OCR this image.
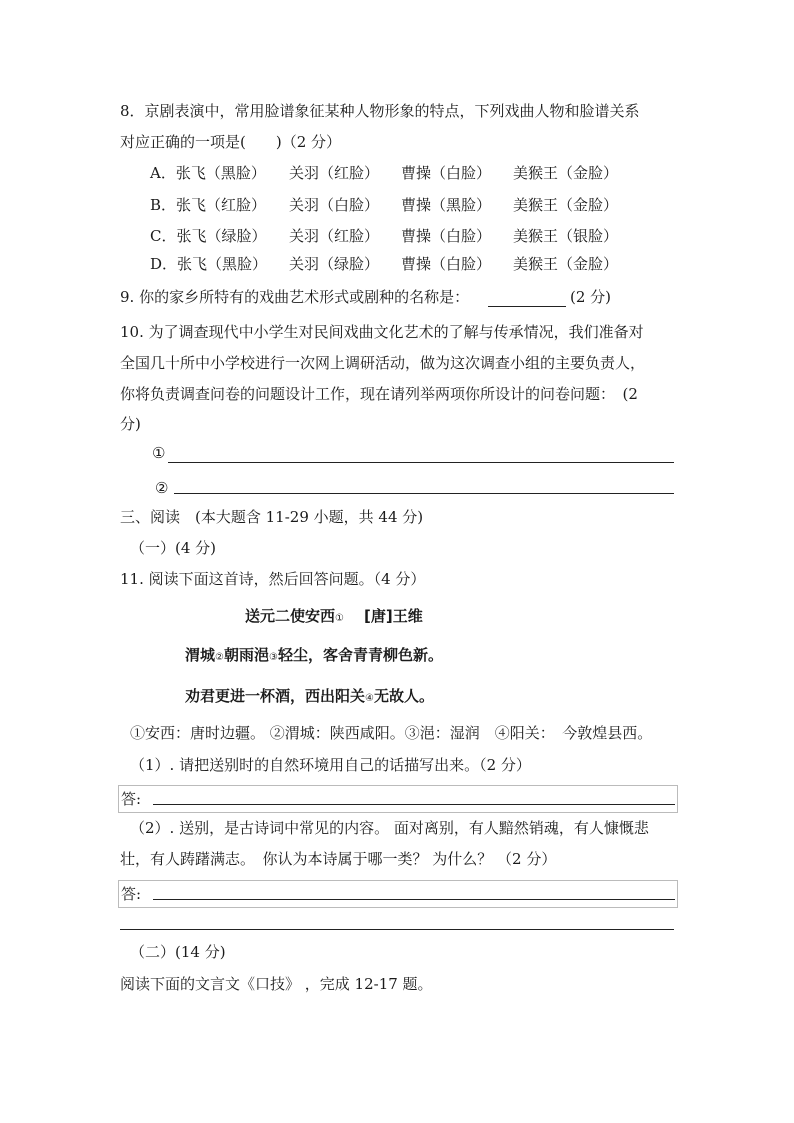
8．京剧表演中，常用脸谱象征某种人物形象的特点，下列戏曲人物和脸谱关系
对应正确的一项是(　　)（2 分）
A．张飞（黑脸） 关羽（红脸） 曹操（白脸） 美猴王（金脸）
B．张飞（红脸） 关羽（白脸） 曹操（黑脸） 美猴王（金脸）
C．张飞（绿脸） 关羽（红脸） 曹操（白脸） 美猴王（银脸）
D．张飞（黑脸） 关羽（绿脸） 曹操（白脸） 美猴王（金脸）
9. 你的家乡所特有的戏曲艺术形式或剧种的名称是：	(2 分)
10. 为了调查现代中小学生对民间戏曲文化艺术的了解与传承情况，我们准备对
全国几十所中小学校进行一次网上调研活动，做为这次调查小组的主要负责人，
你将负责调查问卷的问题设计工作，现在请列举两项你所设计的问卷问题：　(2
分)
①
②
三、阅读　(本大题含 11-29 小题，共 44 分)
（一）(4 分)
11. 阅读下面这首诗，然后回答问题。（4 分）
送元二使安西① [唐]王维
渭城②朝雨浥③轻尘，客舍青青柳色新。
劝君更进一杯酒，西出阳关④无故人。
①安西：唐时边疆。 ②渭城：陕西咸阳。③浥：湿润　④阳关：　今敦煌县西。
（1）. 请把送别时的自然环境用自己的话描写出来。（2 分）
答:
（2）. 送别，是古诗词中常见的内容。 面对离别，有人黯然销魂，有人慷慨悲
壮，有人踌躇满志。　你认为本诗属于哪一类？ 为什么？ （2 分）
答:
（二）(14 分)
阅读下面的文言文《口技》 ，完成 12-17 题。
